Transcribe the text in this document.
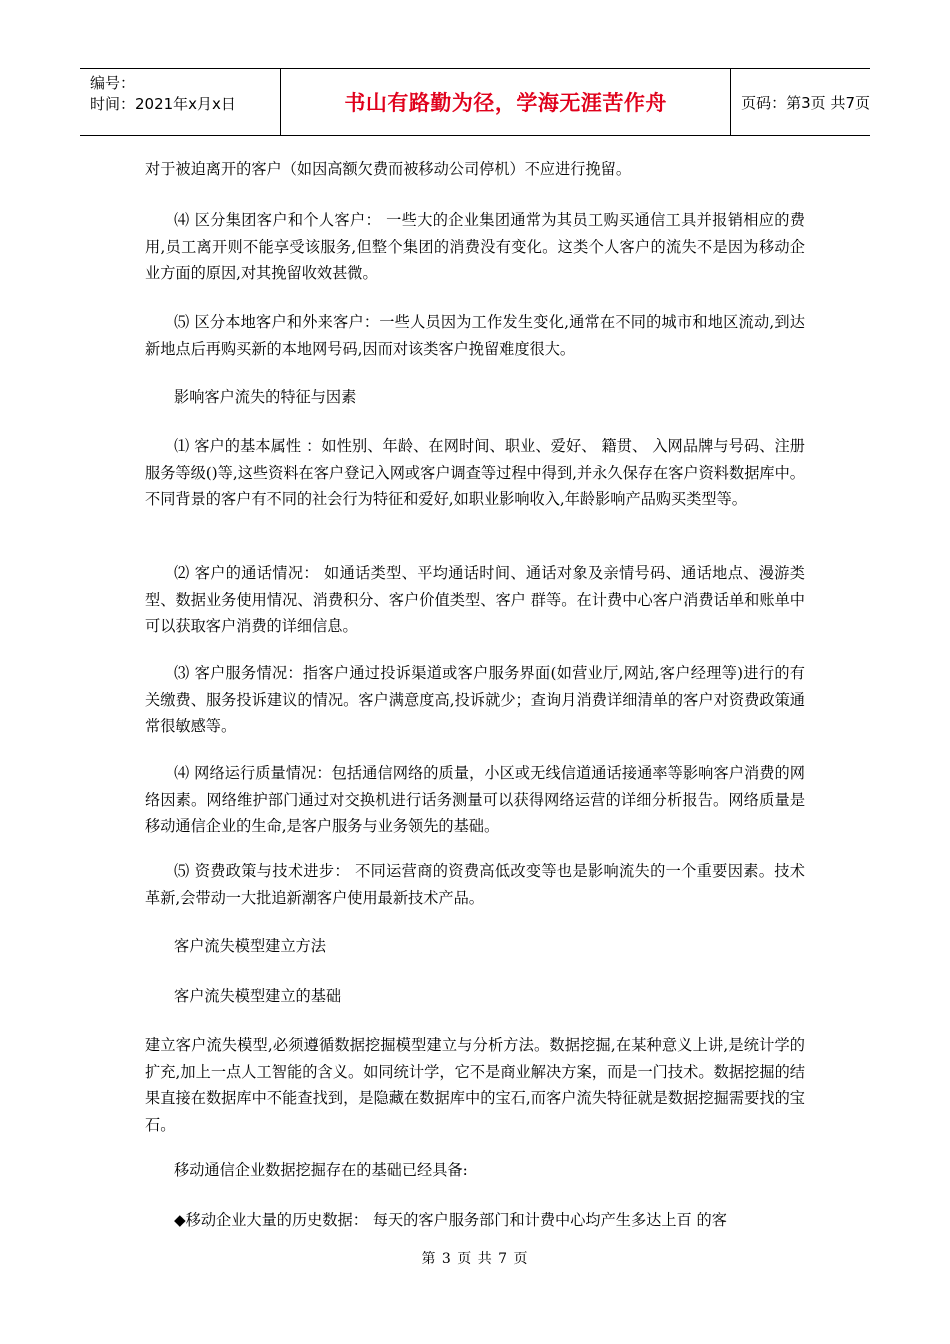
编号：
时间：2021年x月x日	书山有路勤为径，学海无涯苦作舟	页码：第3页 共7页

对于被迫离开的客户（如因高额欠费而被移动公司停机）不应进行挽留。

⑷ 区分集团客户和个人客户： 一些大的企业集团通常为其员工购买通信工具并报销相应的费用,员工离开则不能享受该服务,但整个集团的消费没有变化。这类个人客户的流失不是因为移动企业方面的原因,对其挽留收效甚微。

⑸ 区分本地客户和外来客户：一些人员因为工作发生变化,通常在不同的城市和地区流动,到达新地点后再购买新的本地网号码,因而对该类客户挽留难度很大。

影响客户流失的特征与因素

⑴ 客户的基本属性 ：如性别、年龄、在网时间、职业、爱好、 籍贯、 入网品牌与号码、注册服务等级()等,这些资料在客户登记入网或客户调查等过程中得到,并永久保存在客户资料数据库中。不同背景的客户有不同的社会行为特征和爱好,如职业影响收入,年龄影响产品购买类型等。

⑵ 客户的通话情况： 如通话类型、平均通话时间、通话对象及亲情号码、通话地点、漫游类型、数据业务使用情况、消费积分、客户价值类型、客户 群等。在计费中心客户消费话单和账单中可以获取客户消费的详细信息。

⑶ 客户服务情况：指客户通过投诉渠道或客户服务界面(如营业厅,网站,客户经理等)进行的有关缴费、服务投诉建议的情况。客户满意度高,投诉就少；查询月消费详细清单的客户对资费政策通常很敏感等。

⑷ 网络运行质量情况：包括通信网络的质量，小区或无线信道通话接通率等影响客户消费的网络因素。网络维护部门通过对交换机进行话务测量可以获得网络运营的详细分析报告。网络质量是移动通信企业的生命,是客户服务与业务领先的基础。

⑸ 资费政策与技术进步： 不同运营商的资费高低改变等也是影响流失的一个重要因素。技术革新,会带动一大批追新潮客户使用最新技术产品。

客户流失模型建立方法

客户流失模型建立的基础

建立客户流失模型,必须遵循数据挖掘模型建立与分析方法。数据挖掘,在某种意义上讲,是统计学的扩充,加上一点人工智能的含义。如同统计学，它不是商业解决方案，而是一门技术。数据挖掘的结果直接在数据库中不能查找到，是隐藏在数据库中的宝石,而客户流失特征就是数据挖掘需要找的宝石。

移动通信企业数据挖掘存在的基础已经具备:

◆移动企业大量的历史数据： 每天的客户服务部门和计费中心均产生多达上百 的客

第 3 页 共 7 页
